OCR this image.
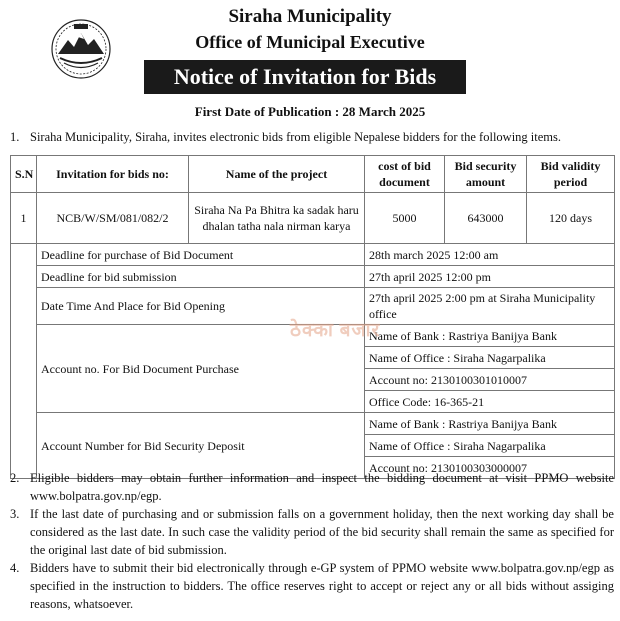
Siraha Municipality
Office of Municipal Executive
Notice of Invitation for Bids
First Date of Publication : 28 March 2025
1. Siraha Municipality, Siraha, invites electronic bids from eligible Nepalese bidders for the following items.
S.N	Invitation for bids no:	Name of the project	cost of bid document	Bid security amount	Bid validity period
1	NCB/W/SM/081/082/2	Siraha Na Pa Bhitra ka sadak haru dhalan tatha nala nirman karya	5000	643000	120 days
	Deadline for purchase of Bid Document		28th march 2025 12:00 am		
	Deadline for bid submission		27th april 2025 12:00 pm		
	Date Time And Place for Bid Opening		27th april 2025 2:00 pm at Siraha Municipality office		
	Account no. For Bid Document Purchase		Name of Bank : Rastriya Banijya Bank		
			Name of Office : Siraha Nagarpalika		
			Account no: 2130100301010007		
			Office Code: 16-365-21		
	Account Number for Bid Security Deposit		Name of Bank : Rastriya Banijya Bank		
			Name of Office : Siraha Nagarpalika		
			Account no: 2130100303000007		
ठेक्का बजार
2. Eligible bidders may obtain further information and inspect the bidding document at visit PPMO website www.bolpatra.gov.np/egp.
3. If the last date of purchasing and or submission falls on a government holiday, then the next working day shall be considered as the last date. In such case the validity period of the bid security shall remain the same as specified for the original last date of bid submission.
4. Bidders have to submit their bid electronically through e-GP system of PPMO website www.bolpatra.gov.np/egp as specified in the instruction to bidders. The office reserves right to accept or reject any or all bids without assiging reasons, whatsoever.
